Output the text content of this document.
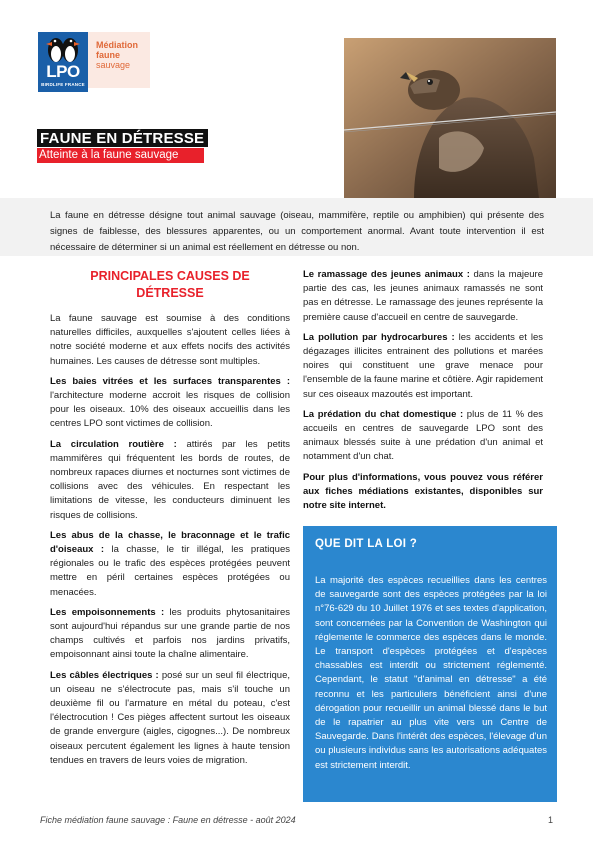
LPO
BIRDLIFE FRANCE
Médiation
faune
sauvage
FAUNE EN DÉTRESSE
Atteinte à la faune sauvage

La faune en détresse désigne tout animal sauvage (oiseau, mammifère, reptile ou amphibien) qui présente des signes de faiblesse, des blessures apparentes, ou un comportement anormal. Avant toute intervention il est nécessaire de déterminer si un animal est réellement en détresse ou non.

PRINCIPALES CAUSES DE DÉTRESSE

La faune sauvage est soumise à des conditions naturelles difficiles, auxquelles s'ajoutent celles liées à notre société moderne et aux effets nocifs des activités humaines. Les causes de détresse sont multiples.

Les baies vitrées et les surfaces transparentes : l'architecture moderne accroit les risques de collision pour les oiseaux. 10% des oiseaux accueillis dans les centres LPO sont victimes de collision.

La circulation routière : attirés par les petits mammifères qui fréquentent les bords de routes, de nombreux rapaces diurnes et nocturnes sont victimes de collisions avec des véhicules. En respectant les limitations de vitesse, les conducteurs diminuent les risques de collisions.

Les abus de la chasse, le braconnage et le trafic d'oiseaux : la chasse, le tir illégal, les pratiques régionales ou le trafic des espèces protégées peuvent mettre en péril certaines espèces protégées ou menacées.

Les empoisonnements : les produits phytosanitaires sont aujourd'hui répandus sur une grande partie de nos champs cultivés et parfois nos jardins privatifs, empoisonnant ainsi toute la chaîne alimentaire.

Les câbles électriques : posé sur un seul fil électrique, un oiseau ne s'électrocute pas, mais s'il touche un deuxième fil ou l'armature en métal du poteau, c'est l'électrocution ! Ces pièges affectent surtout les oiseaux de grande envergure (aigles, cigognes...). De nombreux oiseaux percutent également les lignes à haute tension tendues en travers de leurs voies de migration.

Le ramassage des jeunes animaux : dans la majeure partie des cas, les jeunes animaux ramassés ne sont pas en détresse. Le ramassage des jeunes représente la première cause d'accueil en centre de sauvegarde.

La pollution par hydrocarbures : les accidents et les dégazages illicites entrainent des pollutions et marées noires qui constituent une grave menace pour l'ensemble de la faune marine et côtière. Agir rapidement sur ces oiseaux mazoutés est important.

La prédation du chat domestique : plus de 11 % des accueils en centres de sauvegarde LPO sont des animaux blessés suite à une prédation d'un animal et notamment d'un chat.

Pour plus d'informations, vous pouvez vous référer aux fiches médiations existantes, disponibles sur notre site internet.

QUE DIT LA LOI ?

La majorité des espèces recueillies dans les centres de sauvegarde sont des espèces protégées par la loi n°76-629 du 10 Juillet 1976 et ses textes d'application, sont concernées par la Convention de Washington qui réglemente le commerce des espèces dans le monde. Le transport d'espèces protégées et d'espèces chassables est interdit ou strictement réglementé. Cependant, le statut "d'animal en détresse" a été reconnu et les particuliers bénéficient ainsi d'une dérogation pour recueillir un animal blessé dans le but de le rapatrier au plus vite vers un Centre de Sauvegarde. Dans l'intérêt des espèces, l'élevage d'un ou plusieurs individus sans les autorisations adéquates est strictement interdit.

Fiche médiation faune sauvage : Faune en détresse - août 2024	1
